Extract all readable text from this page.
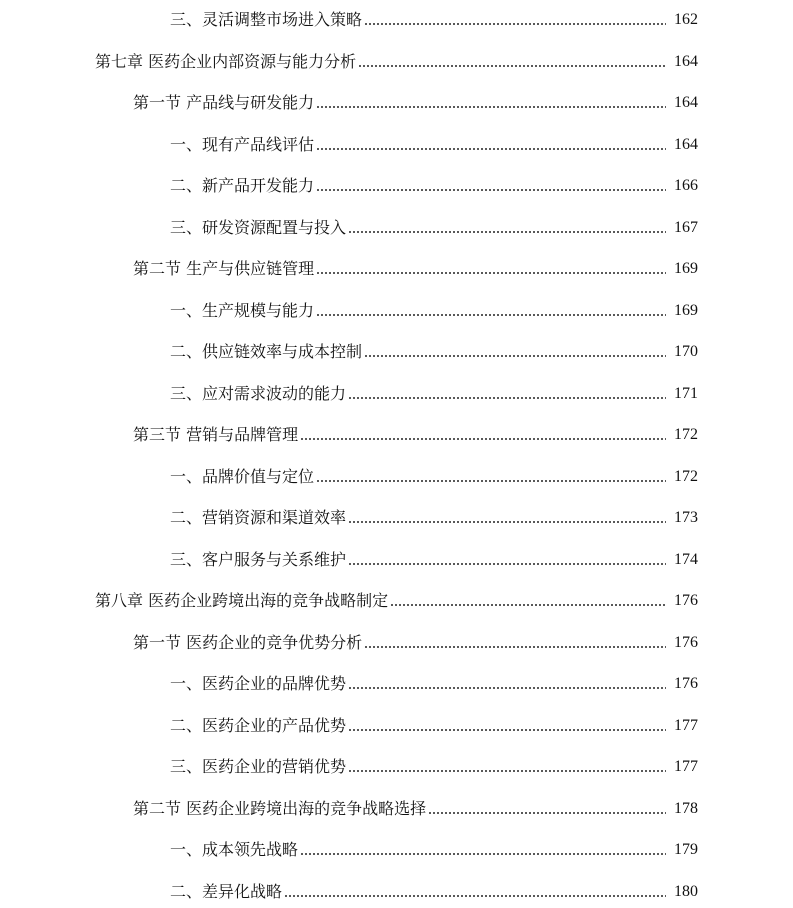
三、灵活调整市场进入策略	162
第七章 医药企业内部资源与能力分析	164
第一节 产品线与研发能力	164
一、现有产品线评估	164
二、新产品开发能力	166
三、研发资源配置与投入	167
第二节 生产与供应链管理	169
一、生产规模与能力	169
二、供应链效率与成本控制	170
三、应对需求波动的能力	171
第三节 营销与品牌管理	172
一、品牌价值与定位	172
二、营销资源和渠道效率	173
三、客户服务与关系维护	174
第八章 医药企业跨境出海的竞争战略制定	176
第一节 医药企业的竞争优势分析	176
一、医药企业的品牌优势	176
二、医药企业的产品优势	177
三、医药企业的营销优势	177
第二节 医药企业跨境出海的竞争战略选择	178
一、成本领先战略	179
二、差异化战略	180
